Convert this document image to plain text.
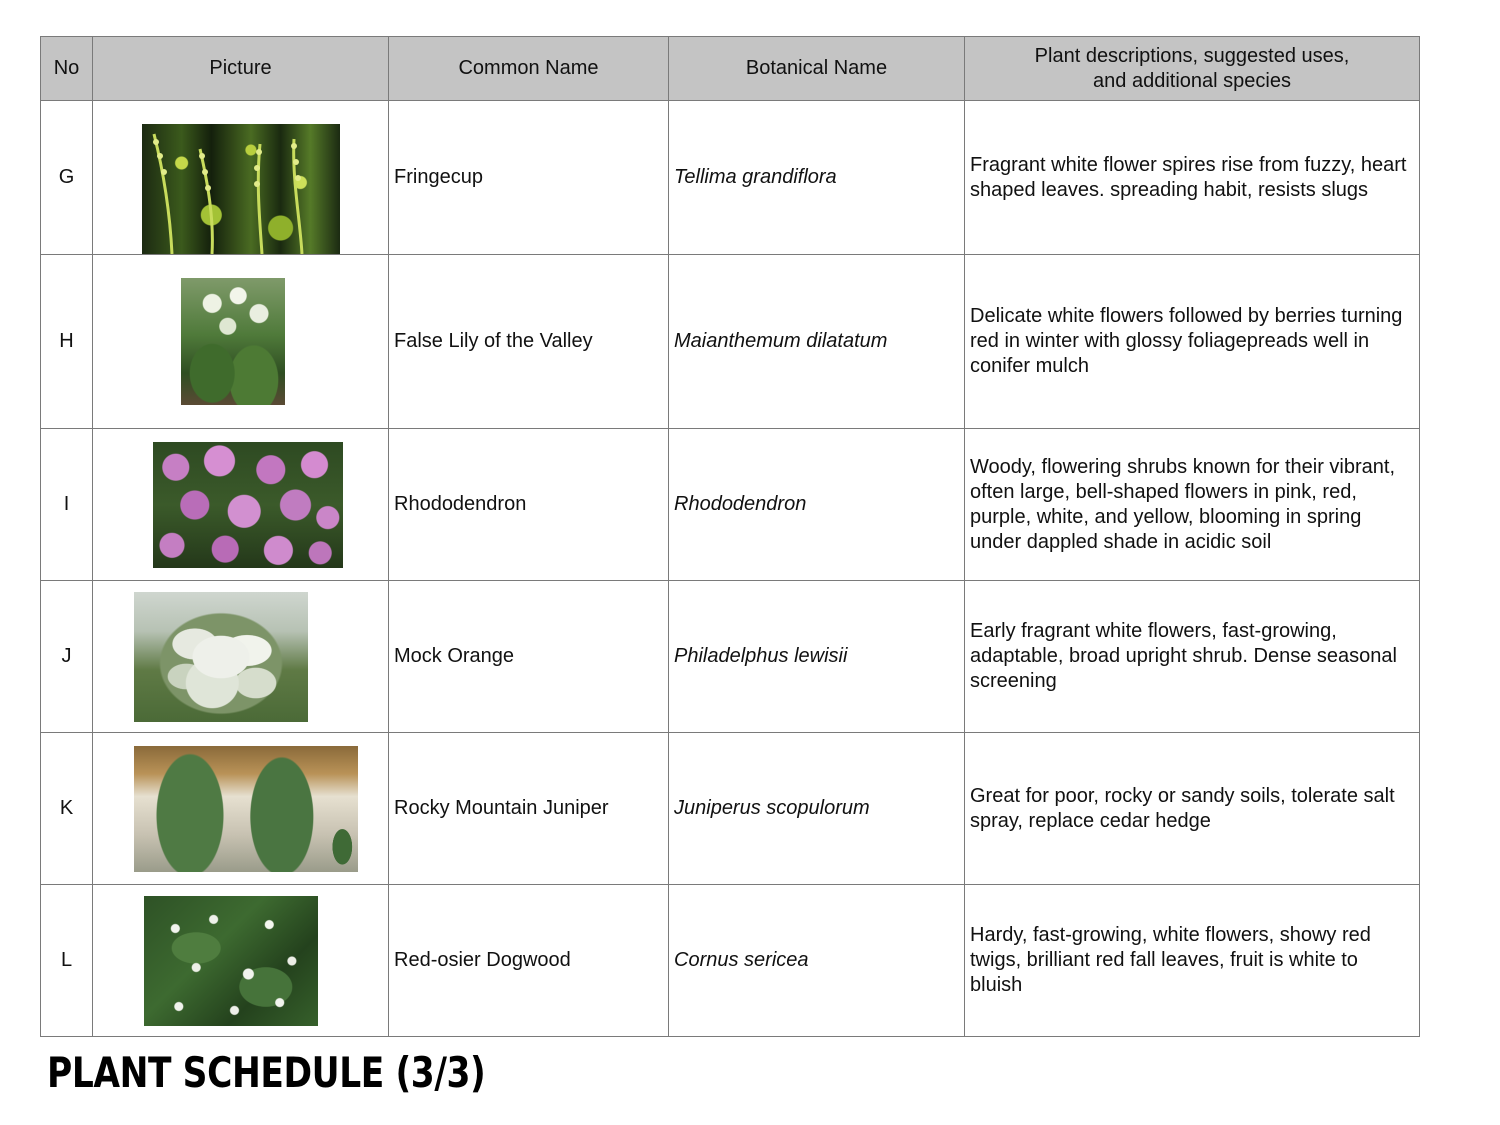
No	Picture	Common Name	Botanical Name	Plant descriptions, suggested uses,
and additional species
G		Fringecup	Tellima grandiflora	Fragrant white flower spires rise from fuzzy, heart shaped leaves. spreading habit, resists slugs
H		False Lily of the Valley	Maianthemum dilatatum	Delicate white flowers followed by berries turning red in winter with glossy foliagepreads well in conifer mulch
I		Rhododendron	Rhododendron	Woody, flowering shrubs known for their vibrant, often large, bell-shaped flowers in pink, red, purple, white, and yellow, blooming in spring under dappled shade in acidic soil
J		Mock Orange	Philadelphus lewisii	Early fragrant white flowers, fast-growing, adaptable, broad upright shrub. Dense seasonal screening
K		Rocky Mountain Juniper	Juniperus scopulorum	Great for poor, rocky or sandy soils, tolerate salt spray, replace cedar hedge
L		Red-osier Dogwood	Cornus sericea	Hardy, fast-growing, white flowers, showy red twigs, brilliant red fall leaves, fruit is white to bluish
PLANT SCHEDULE (3/3)
